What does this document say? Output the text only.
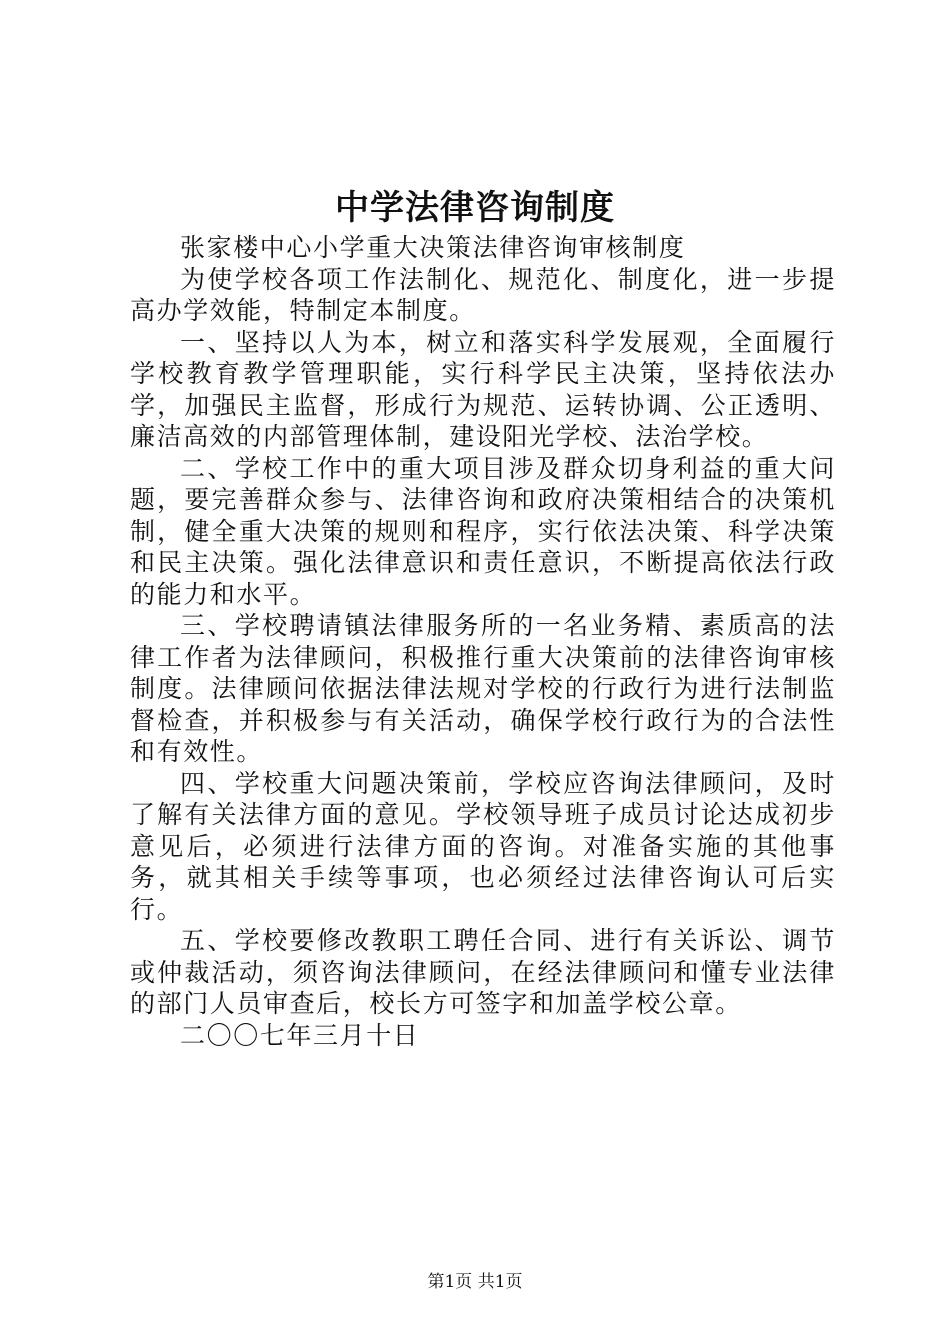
中学法律咨询制度

张家楼中心小学重大决策法律咨询审核制度

为使学校各项工作法制化、规范化、制度化，进一步提高办学效能，特制定本制度。

一、坚持以人为本，树立和落实科学发展观，全面履行学校教育教学管理职能，实行科学民主决策，坚持依法办学，加强民主监督，形成行为规范、运转协调、公正透明、廉洁高效的内部管理体制，建设阳光学校、法治学校。

二、学校工作中的重大项目涉及群众切身利益的重大问题，要完善群众参与、法律咨询和政府决策相结合的决策机制，健全重大决策的规则和程序，实行依法决策、科学决策和民主决策。强化法律意识和责任意识，不断提高依法行政的能力和水平。

三、学校聘请镇法律服务所的一名业务精、素质高的法律工作者为法律顾问，积极推行重大决策前的法律咨询审核制度。法律顾问依据法律法规对学校的行政行为进行法制监督检查，并积极参与有关活动，确保学校行政行为的合法性和有效性。

四、学校重大问题决策前，学校应咨询法律顾问，及时了解有关法律方面的意见。学校领导班子成员讨论达成初步意见后，必须进行法律方面的咨询。对准备实施的其他事务，就其相关手续等事项，也必须经过法律咨询认可后实行。

五、学校要修改教职工聘任合同、进行有关诉讼、调节或仲裁活动，须咨询法律顾问，在经法律顾问和懂专业法律的部门人员审查后，校长方可签字和加盖学校公章。

二〇〇七年三月十日

第1页 共1页
